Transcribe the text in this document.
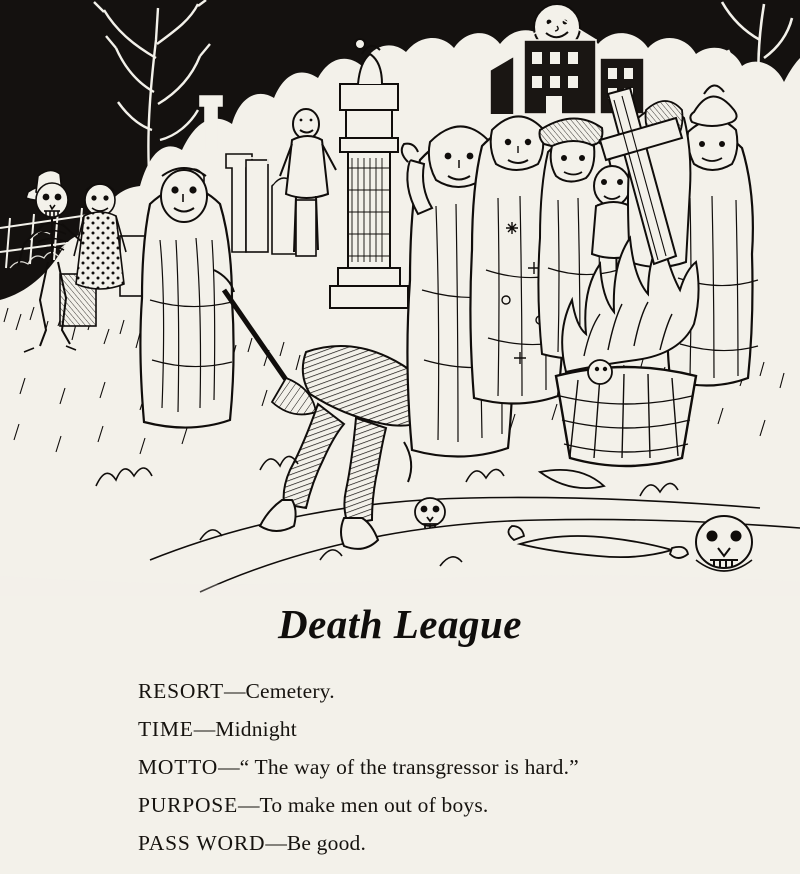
Death League
RESORT—Cemetery.
TIME—Midnight
MOTTO—“ The way of the transgressor is hard.”
PURPOSE—To make men out of boys.
PASS WORD—Be good.
